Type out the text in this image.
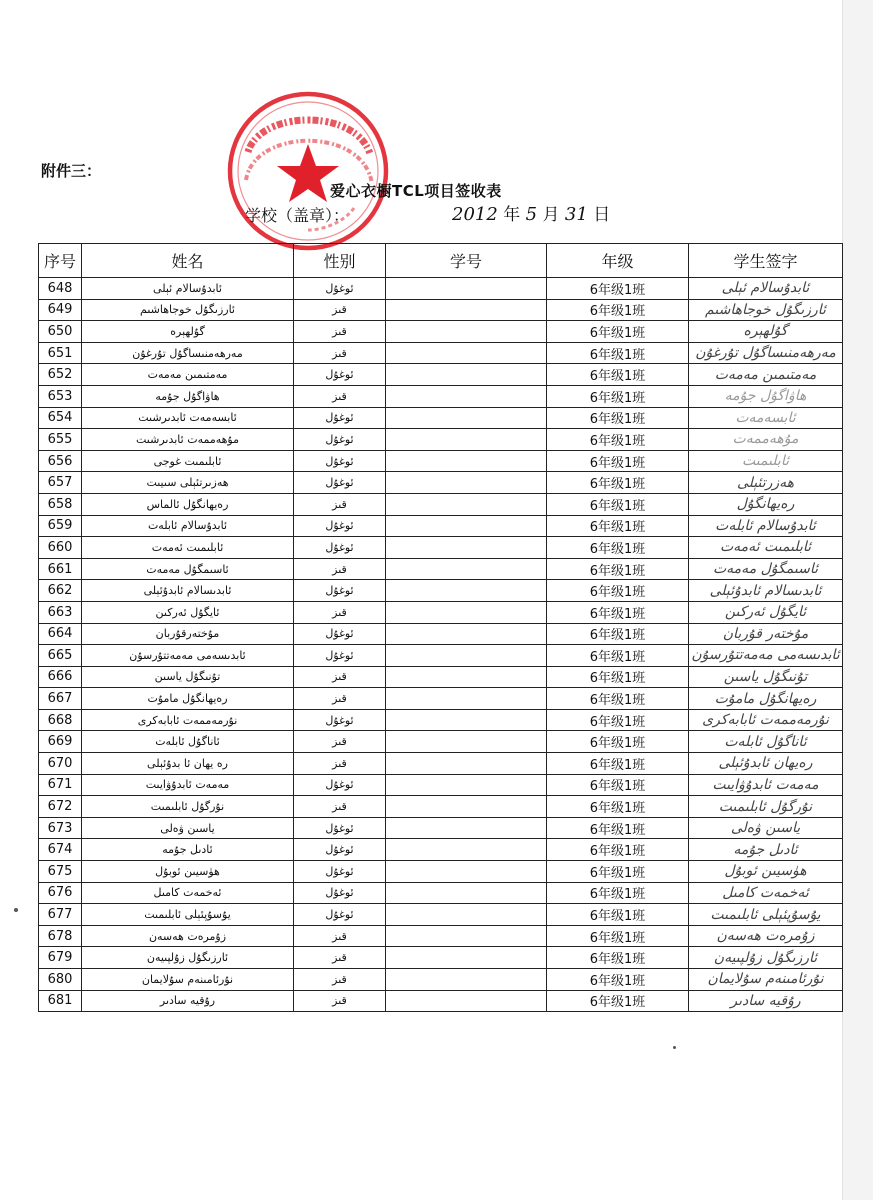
附件三：
爱心衣橱TCL项目签收表
学校（盖章）：	2012 年 5 月 31 日
序号	姓名	性别	学号	年级	学生签字
648	ئابدۇسالام ئېلى	ئوغۇل		6年级1班	ئابدۇسالام ئېلى
649	ئارزىگۇل خوجاھاشىم	قىز		6年级1班	ئارزىگۇل خوجاھاشىم
650	گۇلھېرە	قىز		6年级1班	گۇلھېرە
651	مەرھەمنىساگۇل تۇرغۇن	قىز		6年级1班	مەرھەمنىساگۇل تۇرغۇن
652	مەمتىمىن مەمەت	ئوغۇل		6年级1班	مەمتىمىن مەمەت
653	ھاۋاگۇل جۇمە	قىز		6年级1班	ھاۋاگۇل جۇمە
654	ئابسەمەت ئابدىرشىت	ئوغۇل		6年级1班	ئابسەمەت
655	مۇھەممەت ئابدىرشىت	ئوغۇل		6年级1班	مۇھەممەت
656	ئابلىمىت غوجى	ئوغۇل		6年级1班	ئابلىمىت
657	ھەزىرتئېلى سىيىت	ئوغۇل		6年级1班	ھەزرتئېلى
658	رەيھانگۇل ئالماس	قىز		6年级1班	رەيھانگۇل
659	ئابدۇسالام ئابلەت	ئوغۇل		6年级1班	ئابدۇسالام ئابلەت
660	ئابلىمىت ئەمەت	ئوغۇل		6年级1班	ئابلىمىت ئەمەت
661	ئاسىمگۇل مەمەت	قىز		6年级1班	ئاسىمگۇل مەمەت
662	ئابدىسالام ئابدۇئېلى	ئوغۇل		6年级1班	ئابدىسالام ئابدۇئېلى
663	ئايگۇل ئەركىن	قىز		6年级1班	ئايگۇل ئەركىن
664	مۇختەرقۇربان	ئوغۇل		6年级1班	مۇختەر قۇربان
665	ئابدىسەمى مەمەتتۇرسۇن	ئوغۇل		6年级1班	ئابدىسەمى مەمەتتۇرسۇن
666	تۇنىگۇل ياسىن	قىز		6年级1班	تۇنىگۇل ياسىن
667	رەيھانگۇل مامۇت	قىز		6年级1班	رەيھانگۇل مامۇت
668	نۇرمەممەت ئابابەكرى	ئوغۇل		6年级1班	نۇرمەممەت ئابابەكرى
669	ئاناگۇل ئابلەت	قىز		6年级1班	ئاناگۇل ئابلەت
670	رە يھان ئا بدۇئېلى	قىز		6年级1班	رەيھان ئابدۇئېلى
671	مەمەت ئابدۇۋايىت	ئوغۇل		6年级1班	مەمەت ئابدۇۋايىت
672	نۇرگۇل ئابلىمىت	قىز		6年级1班	نۇرگۇل ئابلىمىت
673	ياسىن ۋەلى	ئوغۇل		6年级1班	ياسىن ۋەلى
674	ئادىل جۇمە	ئوغۇل		6年级1班	ئادىل جۇمە
675	ھۈسيىن ئوبۇل	ئوغۇل		6年级1班	ھۈسيىن ئوبۇل
676	ئەخمەت كامىل	ئوغۇل		6年级1班	ئەخمەت كامىل
677	يۇسۇپئېلى ئابلىمىت	ئوغۇل		6年级1班	يۇسۇپئېلى ئابلىمىت
678	زۇمرەت ھەسەن	قىز		6年级1班	زۇمرەت ھەسەن
679	ئارزىگۇل زۇلپىيەن	قىز		6年级1班	ئارزىگۇل زۇلپىيەن
680	نۇرئامىنەم سۇلايمان	قىز		6年级1班	نۇرئامىنەم سۇلايمان
681	رۇقيە سادىر	قىز		6年级1班	رۇقيە سادىر
